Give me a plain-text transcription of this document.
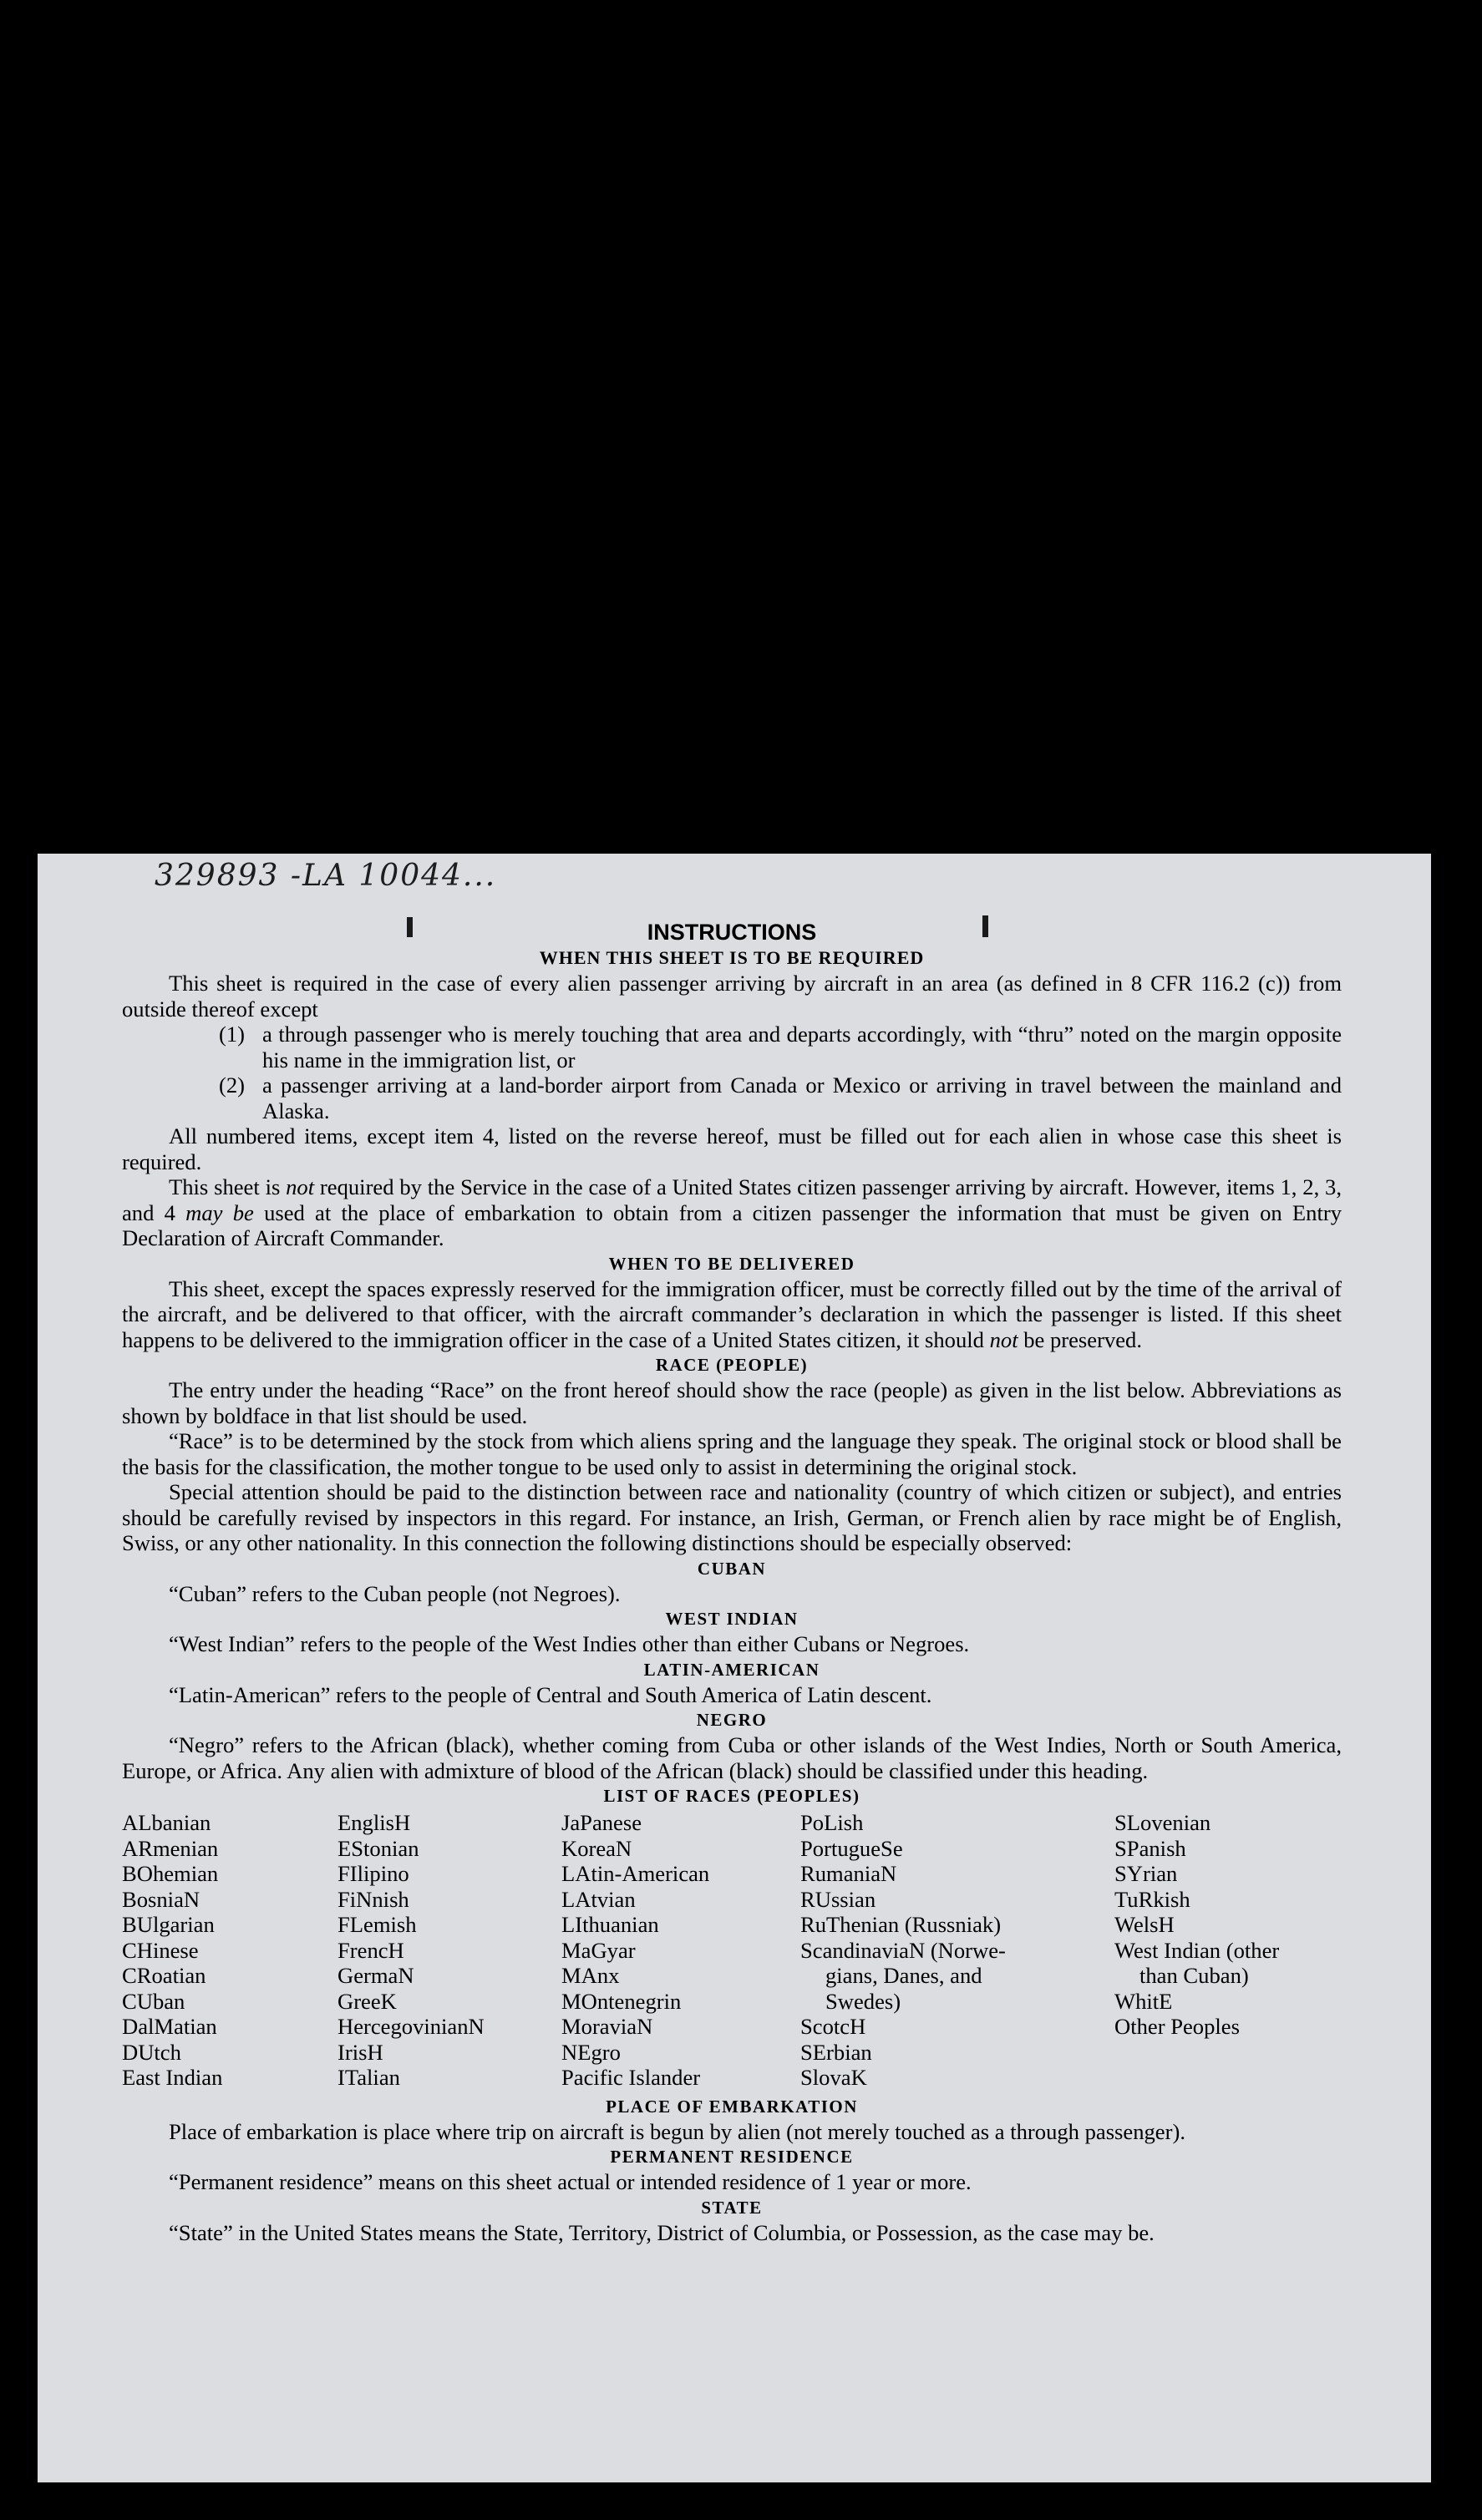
329893 -LA 10044...

INSTRUCTIONS

WHEN THIS SHEET IS TO BE REQUIRED

This sheet is required in the case of every alien passenger arriving by aircraft in an area (as defined in 8 CFR 116.2 (c)) from outside thereof except

(1) a through passenger who is merely touching that area and departs accordingly, with “thru” noted on the margin opposite his name in the immigration list, or
(2) a passenger arriving at a land-border airport from Canada or Mexico or arriving in travel between the mainland and Alaska.

All numbered items, except item 4, listed on the reverse hereof, must be filled out for each alien in whose case this sheet is required.

This sheet is not required by the Service in the case of a United States citizen passenger arriving by aircraft. However, items 1, 2, 3, and 4 may be used at the place of embarkation to obtain from a citizen passenger the information that must be given on Entry Declaration of Aircraft Commander.

WHEN TO BE DELIVERED

This sheet, except the spaces expressly reserved for the immigration officer, must be correctly filled out by the time of the arrival of the aircraft, and be delivered to that officer, with the aircraft commander’s declaration in which the passenger is listed. If this sheet happens to be delivered to the immigration officer in the case of a United States citizen, it should not be preserved.

RACE (PEOPLE)

The entry under the heading “Race” on the front hereof should show the race (people) as given in the list below. Abbreviations as shown by boldface in that list should be used.

“Race” is to be determined by the stock from which aliens spring and the language they speak. The original stock or blood shall be the basis for the classification, the mother tongue to be used only to assist in determining the original stock.

Special attention should be paid to the distinction between race and nationality (country of which citizen or subject), and entries should be carefully revised by inspectors in this regard. For instance, an Irish, German, or French alien by race might be of English, Swiss, or any other nationality. In this connection the following distinctions should be especially observed:

CUBAN

“Cuban” refers to the Cuban people (not Negroes).

WEST INDIAN

“West Indian” refers to the people of the West Indies other than either Cubans or Negroes.

LATIN-AMERICAN

“Latin-American” refers to the people of Central and South America of Latin descent.

NEGRO

“Negro” refers to the African (black), whether coming from Cuba or other islands of the West Indies, North or South America, Europe, or Africa. Any alien with admixture of blood of the African (black) should be classified under this heading.

LIST OF RACES (PEOPLES)

ALbanian
ARmenian
BOhemian
BosniaN
BUlgarian
CHinese
CRoatian
CUban
DalMatian
DUtch
East Indian
EnglisH
EStonian
FIlipino
FiNnish
FLemish
FrencH
GermaN
GreeK
HercegovinianN
IrisH
ITalian
JaPanese
KoreaN
LAtin-American
LAtvian
LIthuanian
MaGyar
MAnx
MOntenegrin
MoraviaN
NEgro
Pacific Islander
PoLish
PortugueSe
RumaniaN
RUssian
RuThenian (Russniak)
ScandinaviaN (Norwe-
gians, Danes, and
Swedes)
ScotcH
SErbian
SlovaK
SLovenian
SPanish
SYrian
TuRkish
WelsH
West Indian (other
than Cuban)
WhitE
Other Peoples

PLACE OF EMBARKATION

Place of embarkation is place where trip on aircraft is begun by alien (not merely touched as a through passenger).

PERMANENT RESIDENCE

“Permanent residence” means on this sheet actual or intended residence of 1 year or more.

STATE

“State” in the United States means the State, Territory, District of Columbia, or Possession, as the case may be.
